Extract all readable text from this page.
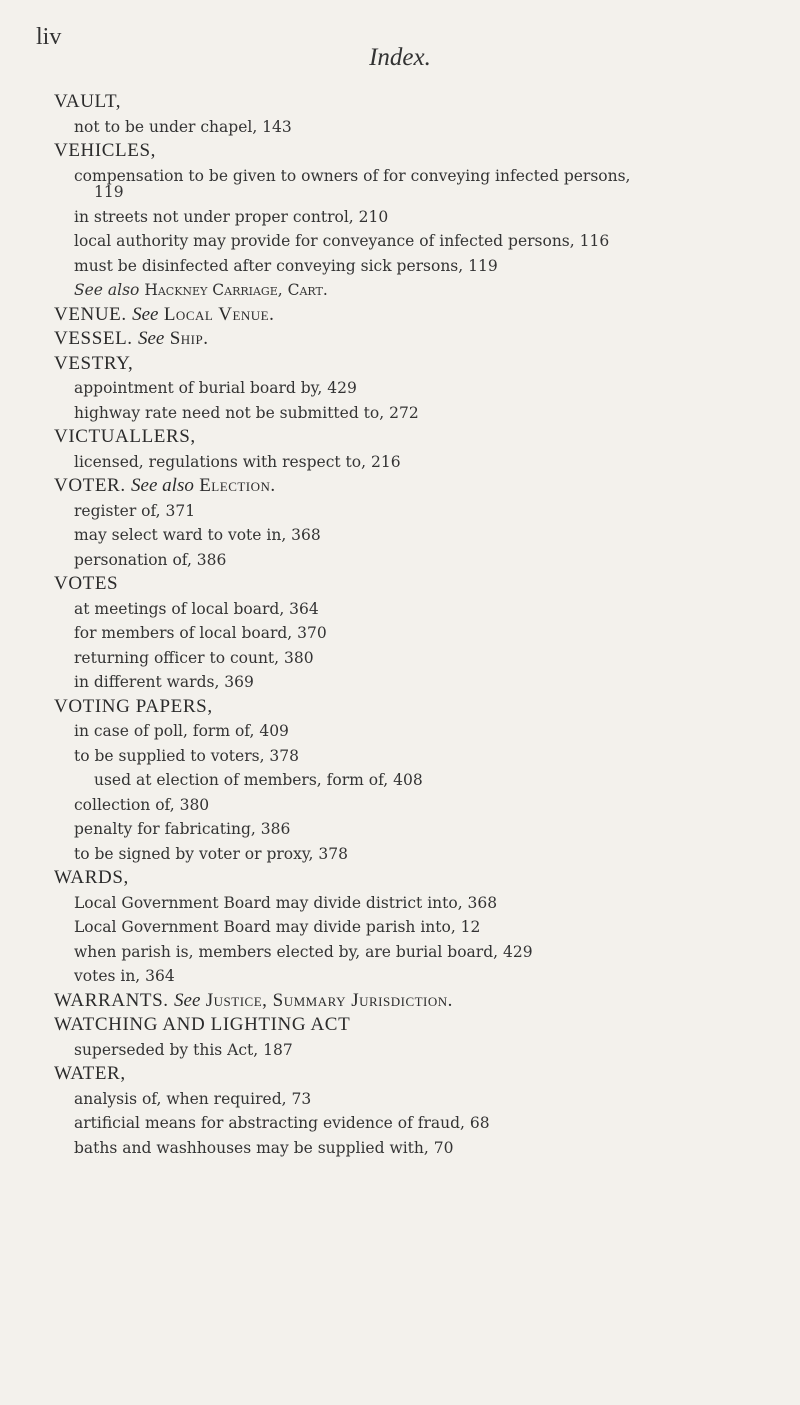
liv
Index.
VAULT,
not to be under chapel, 143
VEHICLES,
compensation to be given to owners of for conveying infected persons,
119
in streets not under proper control, 210
local authority may provide for conveyance of infected persons, 116
must be disinfected after conveying sick persons, 119
See also Hackney Carriage, Cart.
VENUE. See Local Venue.
VESSEL. See Ship.
VESTRY,
appointment of burial board by, 429
highway rate need not be submitted to, 272
VICTUALLERS,
licensed, regulations with respect to, 216
VOTER. See also Election.
register of, 371
may select ward to vote in, 368
personation of, 386
VOTES
at meetings of local board, 364
for members of local board, 370
returning officer to count, 380
in different wards, 369
VOTING PAPERS,
in case of poll, form of, 409
to be supplied to voters, 378
used at election of members, form of, 408
collection of, 380
penalty for fabricating, 386
to be signed by voter or proxy, 378
WARDS,
Local Government Board may divide district into, 368
Local Government Board may divide parish into, 12
when parish is, members elected by, are burial board, 429
votes in, 364
WARRANTS. See Justice, Summary Jurisdiction.
WATCHING AND LIGHTING ACT
superseded by this Act, 187
WATER,
analysis of, when required, 73
artificial means for abstracting evidence of fraud, 68
baths and washhouses may be supplied with, 70
